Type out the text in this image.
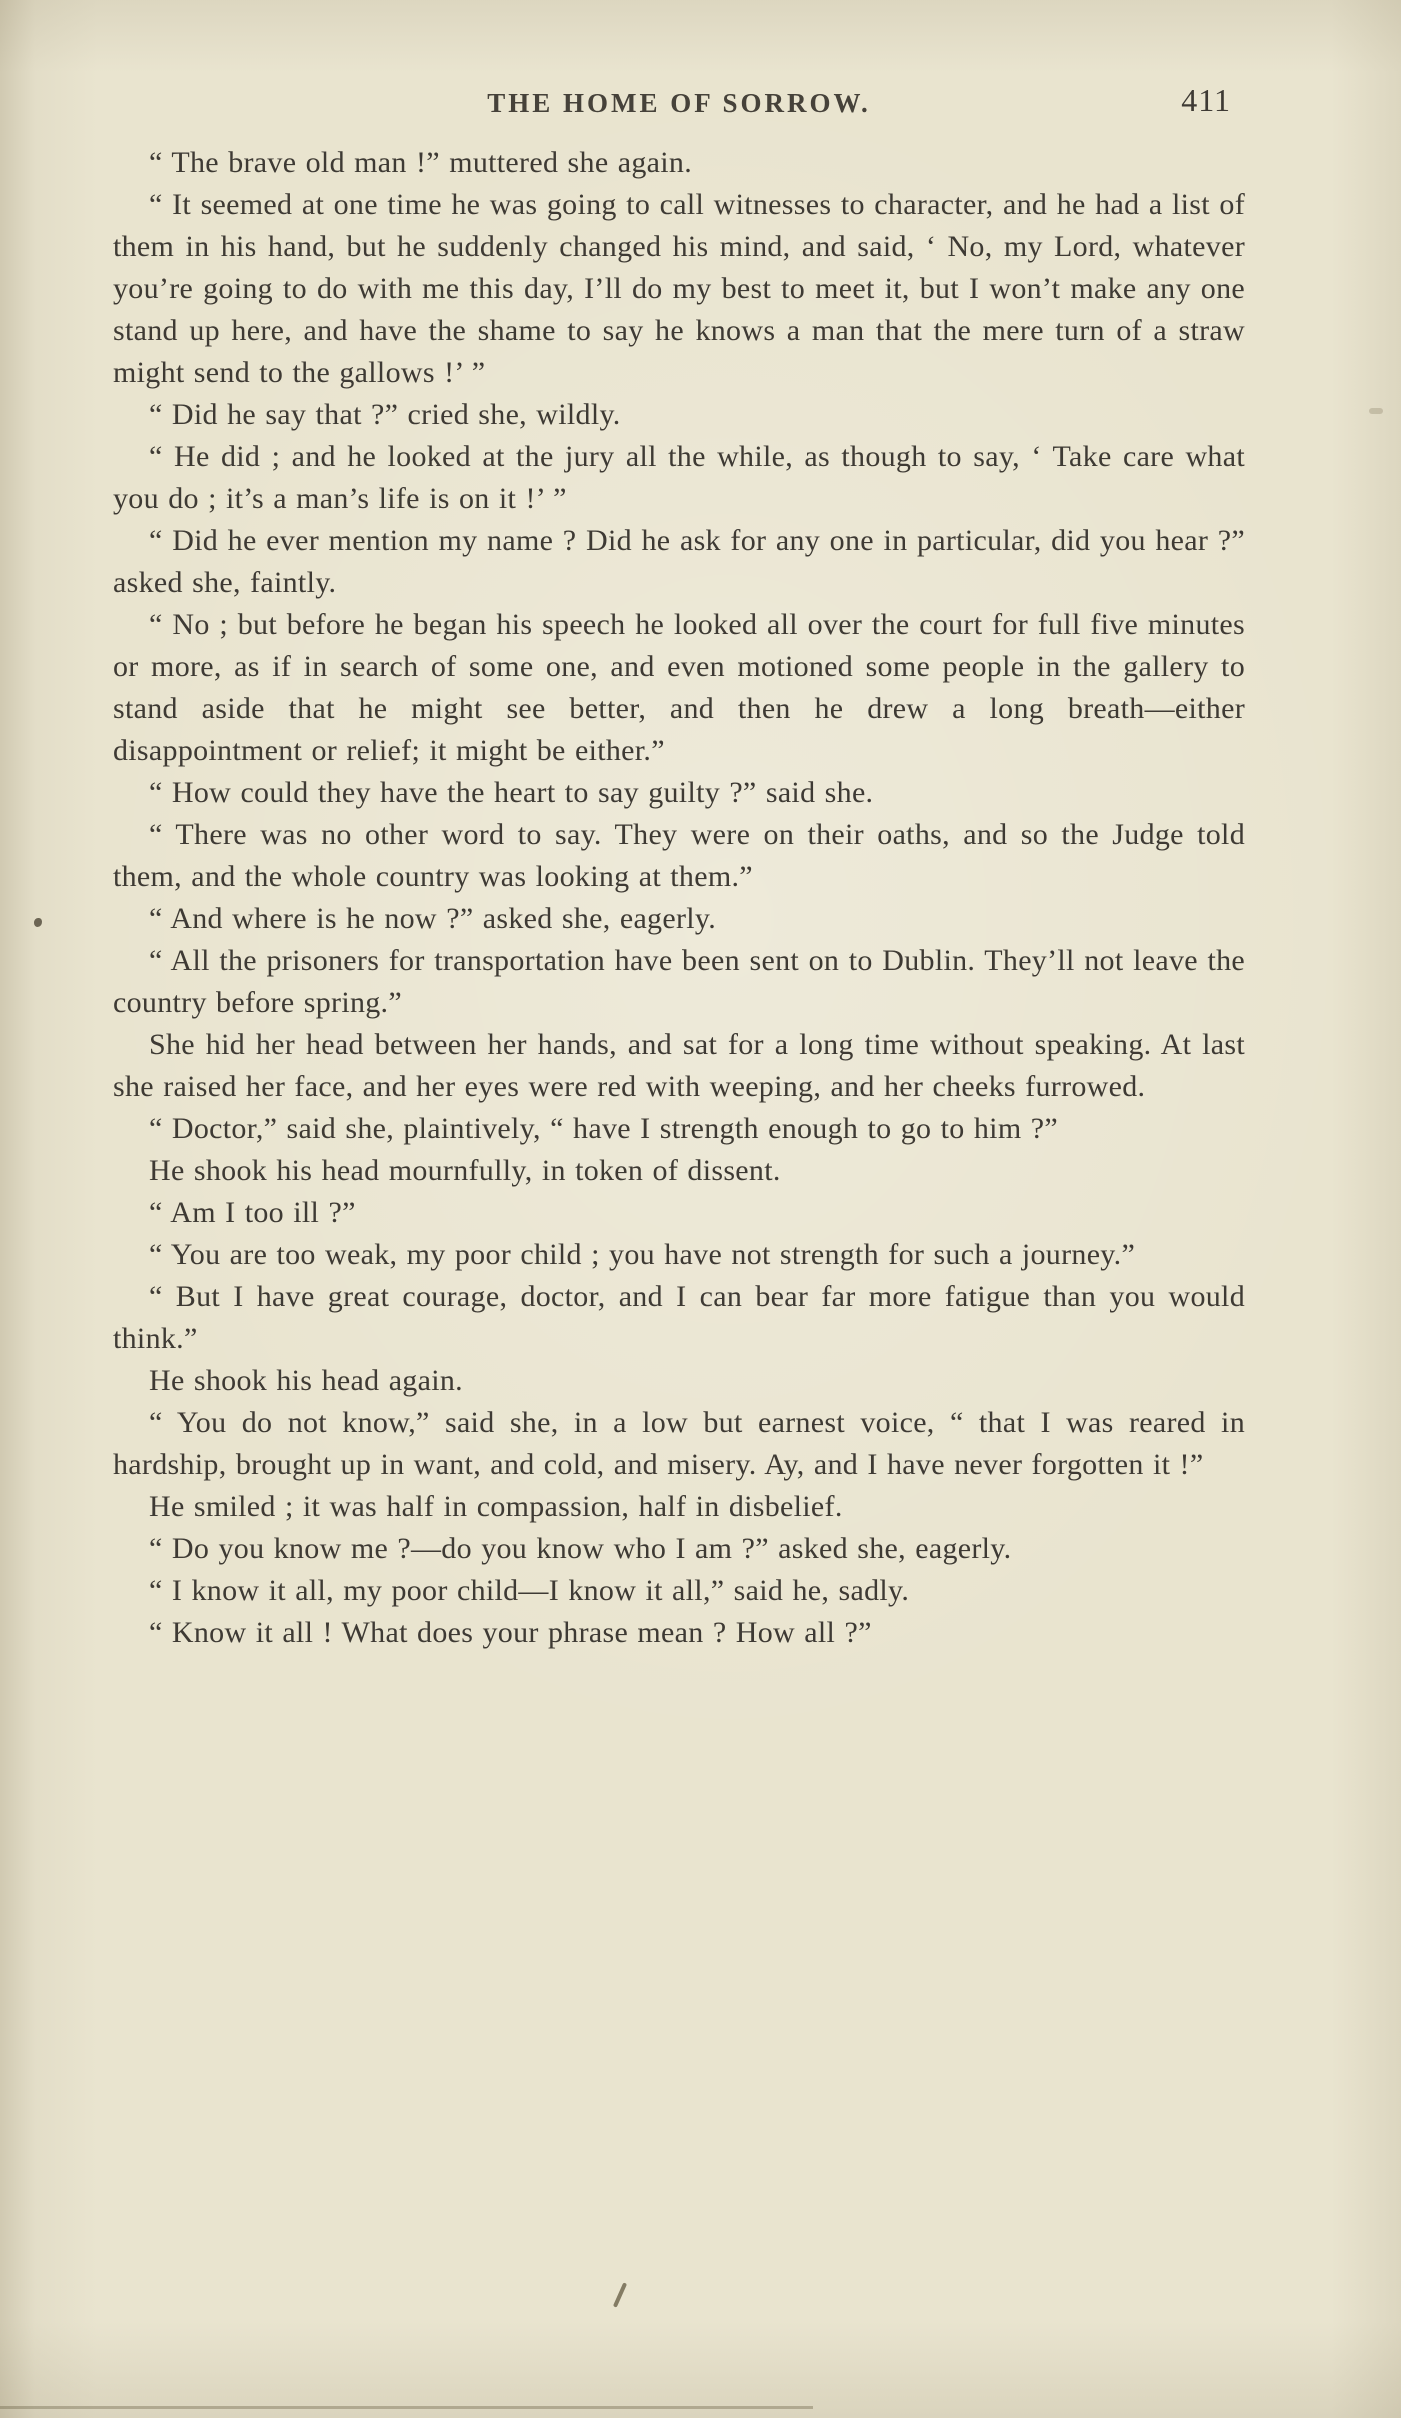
THE HOME OF SORROW.	411

“ The brave old man !” muttered she again.

“ It seemed at one time he was going to call witnesses to character, and he had a list of them in his hand, but he suddenly changed his mind, and said, ‘ No, my Lord, whatever you’re going to do with me this day, I’ll do my best to meet it, but I won’t make any one stand up here, and have the shame to say he knows a man that the mere turn of a straw might send to the gallows !’ ”

“ Did he say that ?” cried she, wildly.

“ He did ; and he looked at the jury all the while, as though to say, ‘ Take care what you do ; it’s a man’s life is on it !’ ”

“ Did he ever mention my name ? Did he ask for any one in particular, did you hear ?” asked she, faintly.

“ No ; but before he began his speech he looked all over the court for full five minutes or more, as if in search of some one, and even motioned some people in the gallery to stand aside that he might see better, and then he drew a long breath—either disappointment or relief; it might be either.”

“ How could they have the heart to say guilty ?” said she.

“ There was no other word to say. They were on their oaths, and so the Judge told them, and the whole country was looking at them.”

“ And where is he now ?” asked she, eagerly.

“ All the prisoners for transportation have been sent on to Dublin. They’ll not leave the country before spring.”

She hid her head between her hands, and sat for a long time without speaking. At last she raised her face, and her eyes were red with weeping, and her cheeks furrowed.

“ Doctor,” said she, plaintively, “ have I strength enough to go to him ?”

He shook his head mournfully, in token of dissent.

“ Am I too ill ?”

“ You are too weak, my poor child ; you have not strength for such a journey.”

“ But I have great courage, doctor, and I can bear far more fatigue than you would think.”

He shook his head again.

“ You do not know,” said she, in a low but earnest voice, “ that I was reared in hardship, brought up in want, and cold, and misery. Ay, and I have never forgotten it !”

He smiled ; it was half in compassion, half in disbelief.

“ Do you know me ?—do you know who I am ?” asked she, eagerly.

“ I know it all, my poor child—I know it all,” said he, sadly.

“ Know it all ! What does your phrase mean ? How all ?”
